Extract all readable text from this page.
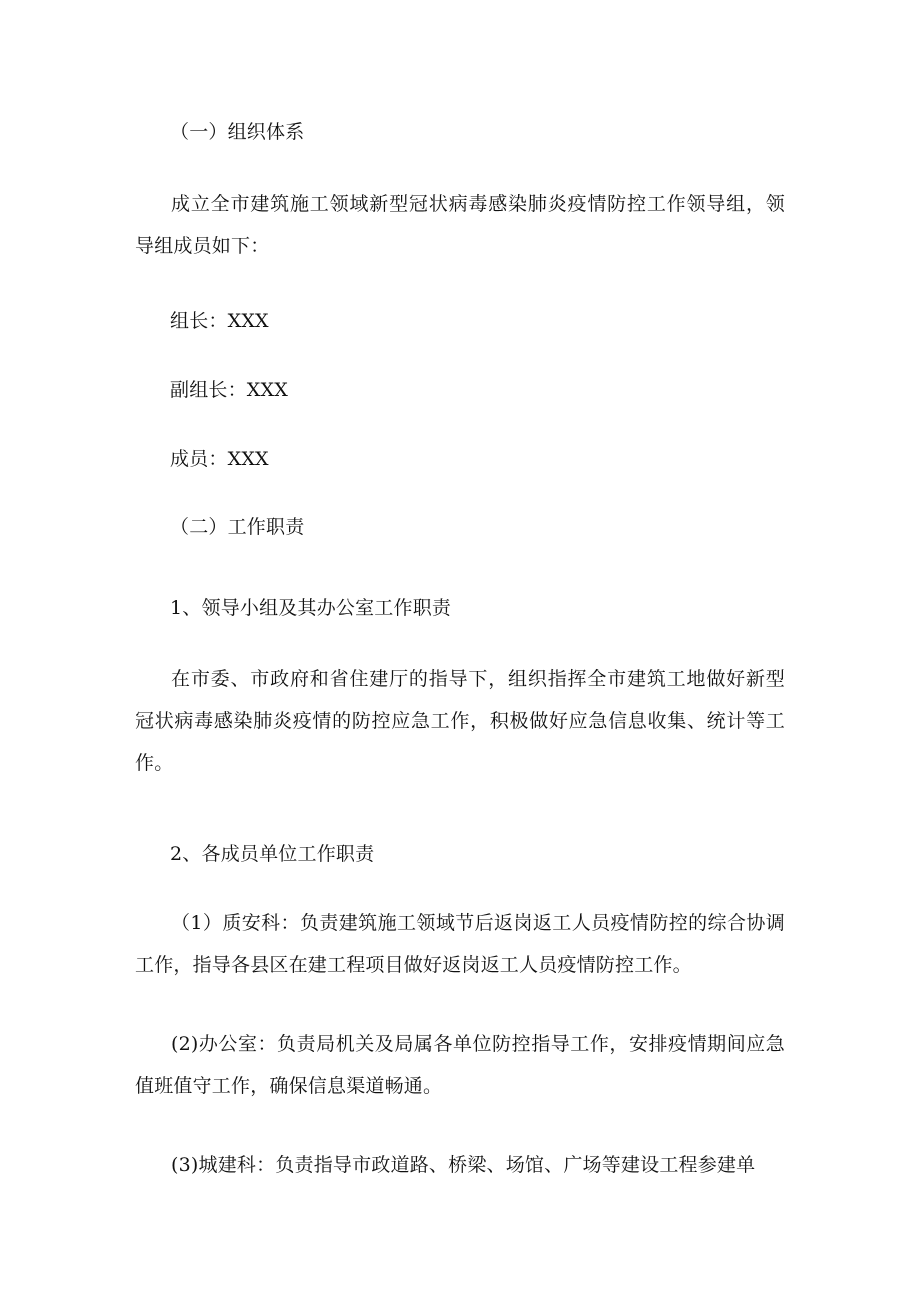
（一）组织体系
成立全市建筑施工领域新型冠状病毒感染肺炎疫情防控工作领导组，领导组成员如下：
组长：XXX
副组长：XXX
成员：XXX
（二）工作职责
1、领导小组及其办公室工作职责
在市委、市政府和省住建厅的指导下，组织指挥全市建筑工地做好新型冠状病毒感染肺炎疫情的防控应急工作，积极做好应急信息收集、统计等工作。
2、各成员单位工作职责
（1）质安科：负责建筑施工领域节后返岗返工人员疫情防控的综合协调工作，指导各县区在建工程项目做好返岗返工人员疫情防控工作。
(2)办公室：负责局机关及局属各单位防控指导工作，安排疫情期间应急值班值守工作，确保信息渠道畅通。
(3)城建科：负责指导市政道路、桥梁、场馆、广场等建设工程参建单
